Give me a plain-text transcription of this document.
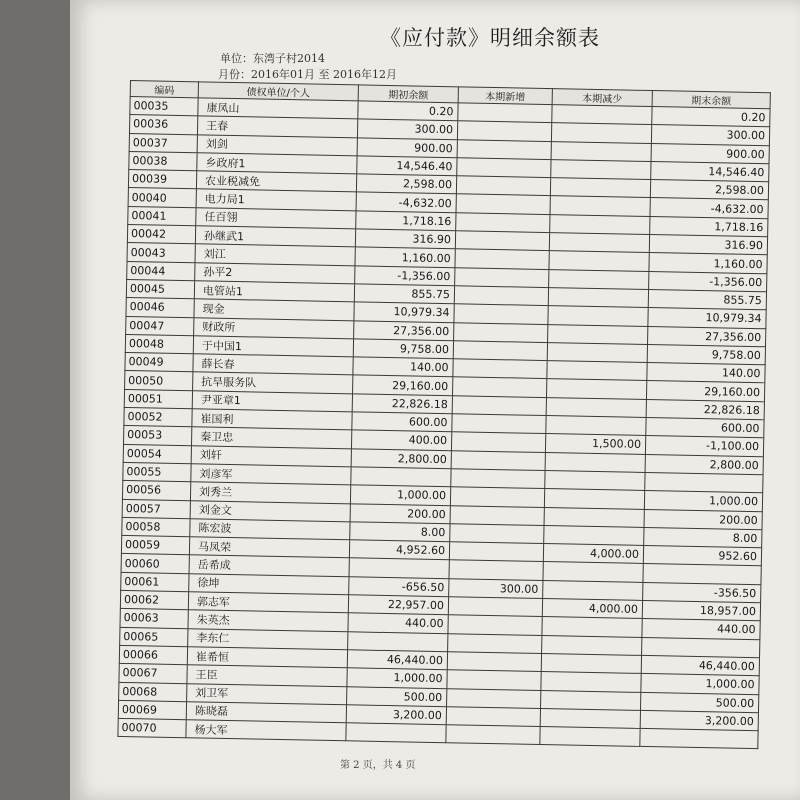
《应付款》明细余额表
单位：东湾子村2014
月份：2016年01月 至 2016年12月
编码	债权单位/个人	期初余额	本期新增	本期减少	期末余额
00035	康凤山	0.20			0.20
00036	王春	300.00			300.00
00037	刘剑	900.00			900.00
00038	乡政府1	14,546.40			14,546.40
00039	农业税减免	2,598.00			2,598.00
00040	电力局1	-4,632.00			-4,632.00
00041	任百翎	1,718.16			1,718.16
00042	孙继武1	316.90			316.90
00043	刘江	1,160.00			1,160.00
00044	孙平2	-1,356.00			-1,356.00
00045	电管站1	855.75			855.75
00046	现金	10,979.34			10,979.34
00047	财政所	27,356.00			27,356.00
00048	于中国1	9,758.00			9,758.00
00049	薛长春	140.00			140.00
00050	抗旱服务队	29,160.00			29,160.00
00051	尹亚章1	22,826.18			22,826.18
00052	崔国利	600.00			600.00
00053	秦卫忠	400.00		1,500.00	-1,100.00
00054	刘轩	2,800.00			2,800.00
00055	刘彦军				
00056	刘秀兰	1,000.00			1,000.00
00057	刘金文	200.00			200.00
00058	陈宏波	8.00			8.00
00059	马凤荣	4,952.60		4,000.00	952.60
00060	岳希成				
00061	徐坤	-656.50	300.00		-356.50
00062	郭志军	22,957.00		4,000.00	18,957.00
00063	朱英杰	440.00			440.00
00065	李东仁				
00066	崔希恒	46,440.00			46,440.00
00067	王臣	1,000.00			1,000.00
00068	刘卫军	500.00			500.00
00069	陈晓磊	3,200.00			3,200.00
00070	杨大军				
第 2 页，共 4 页
